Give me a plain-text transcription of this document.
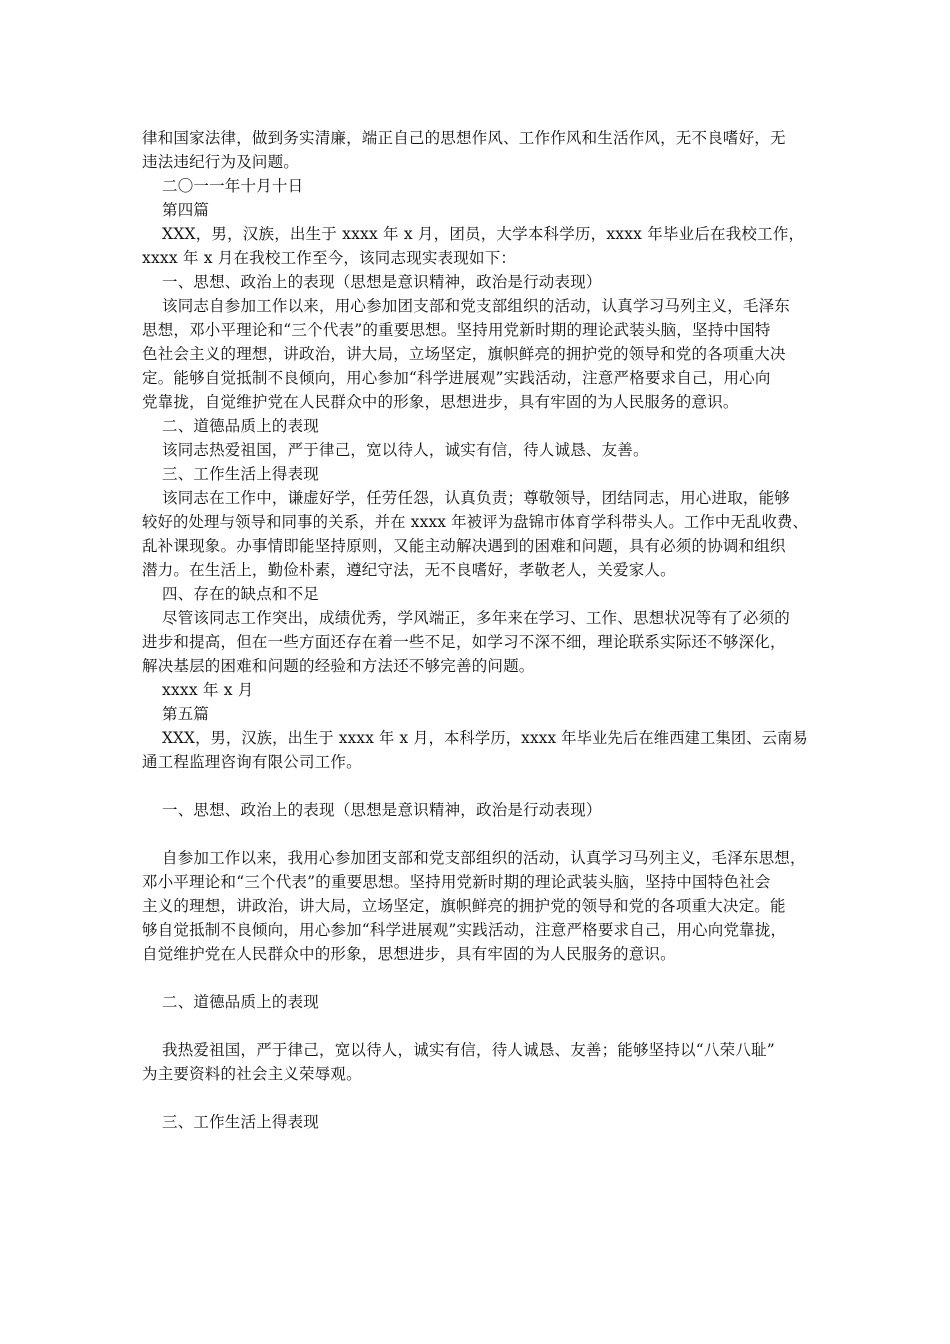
律和国家法律，做到务实清廉，端正自己的思想作风、工作作风和生活作风，无不良嗜好，无
违法违纪行为及问题。
二〇一一年十月十日
第四篇
XXX，男，汉族，出生于 xxxx 年 x 月，团员，大学本科学历，xxxx 年毕业后在我校工作，
xxxx 年 x 月在我校工作至今，该同志现实表现如下：
一、思想、政治上的表现（思想是意识精神，政治是行动表现）
该同志自参加工作以来，用心参加团支部和党支部组织的活动，认真学习马列主义，毛泽东
思想，邓小平理论和“三个代表”的重要思想。坚持用党新时期的理论武装头脑，坚持中国特
色社会主义的理想，讲政治，讲大局，立场坚定，旗帜鲜亮的拥护党的领导和党的各项重大决
定。能够自觉抵制不良倾向，用心参加“科学进展观”实践活动，注意严格要求自己，用心向
党靠拢，自觉维护党在人民群众中的形象，思想进步，具有牢固的为人民服务的意识。
二、道德品质上的表现
该同志热爱祖国，严于律己，宽以待人，诚实有信，待人诚恳、友善。
三、工作生活上得表现
该同志在工作中，谦虚好学，任劳任怨，认真负责；尊敬领导，团结同志，用心进取，能够
较好的处理与领导和同事的关系，并在 xxxx 年被评为盘锦市体育学科带头人。工作中无乱收费、
乱补课现象。办事情即能坚持原则，又能主动解决遇到的困难和问题，具有必须的协调和组织
潜力。在生活上，勤俭朴素，遵纪守法，无不良嗜好，孝敬老人，关爱家人。
四、存在的缺点和不足
尽管该同志工作突出，成绩优秀，学风端正，多年来在学习、工作、思想状况等有了必须的
进步和提高，但在一些方面还存在着一些不足，如学习不深不细，理论联系实际还不够深化，
解决基层的困难和问题的经验和方法还不够完善的问题。
xxxx 年 x 月
第五篇
XXX，男，汉族，出生于 xxxx 年 x 月，本科学历，xxxx 年毕业先后在维西建工集团、云南易
通工程监理咨询有限公司工作。
一、思想、政治上的表现（思想是意识精神，政治是行动表现）
自参加工作以来，我用心参加团支部和党支部组织的活动，认真学习马列主义，毛泽东思想，
邓小平理论和“三个代表”的重要思想。坚持用党新时期的理论武装头脑，坚持中国特色社会
主义的理想，讲政治，讲大局，立场坚定，旗帜鲜亮的拥护党的领导和党的各项重大决定。能
够自觉抵制不良倾向，用心参加“科学进展观”实践活动，注意严格要求自己，用心向党靠拢，
自觉维护党在人民群众中的形象，思想进步，具有牢固的为人民服务的意识。
二、道德品质上的表现
我热爱祖国，严于律己，宽以待人，诚实有信，待人诚恳、友善；能够坚持以“八荣八耻”
为主要资料的社会主义荣辱观。
三、工作生活上得表现
